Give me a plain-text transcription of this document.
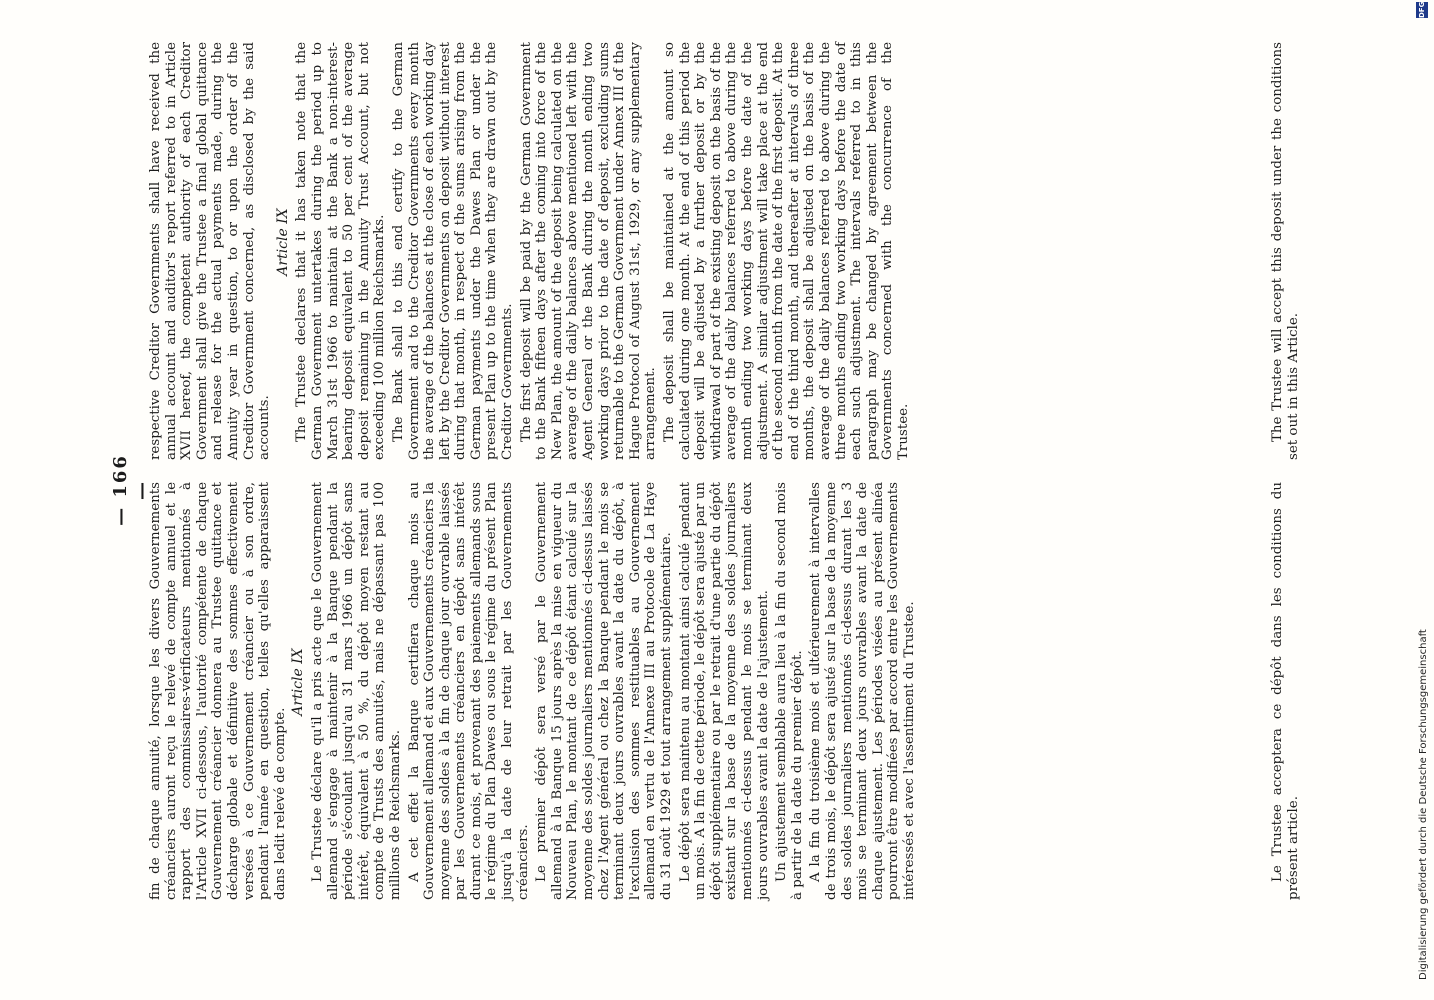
— 166 —

fin de chaque annuité, lorsque les divers Gouvernements créanciers auront reçu le relevé de compte annuel et le rapport des commissaires-vérificateurs mentionnés à l'Article XVII ci-dessous, l'autorité compétente de chaque Gouvernement créancier donnera au Trustee quittance et décharge globale et définitive des sommes effectivement versées à ce Gouvernement créancier ou à son ordre, pendant l'année en question, telles qu'elles apparaissent dans ledit relevé de compte.

Article IX Le Trustee déclare qu'il a pris acte que le Gouvernement allemand s'engage à maintenir à la Banque pendant la période s'écoulant jusqu'au 31 mars 1966 un dépôt sans intérêt, équivalent à 50 %, du dépôt moyen restant au compte de Trusts des annuités, mais ne dépassant pas 100 millions de Reichsmarks. A cet effet la Banque certifiera chaque mois au Gouvernement allemand et aux Gouvernements créanciers la moyenne des soldes à la fin de chaque jour ouvrable laissés par les Gouvernements créanciers en dépôt sans intérêt durant ce mois, et provenant des paiements allemands sous le régime du Plan Dawes ou sous le régime du présent Plan jusqu'à la date de leur retrait par les Gouvernements créanciers. Le premier dépôt sera versé par le Gouvernement allemand à la Banque 15 jours après la mise en vigueur du Nouveau Plan, le montant de ce dépôt étant calculé sur la moyenne des soldes journaliers mentionnés ci-dessus laissés chez l'Agent général ou chez la Banque pendant le mois se terminant deux jours ouvrables avant la date du dépôt, à l'exclusion des sommes restituables au Gouvernement allemand en vertu de l'Annexe III au Protocole de La Haye du 31 août 1929 et tout arrangement supplémentaire. Le dépôt sera maintenu au montant ainsi calculé pendant un mois. A la fin de cette période, le dépôt sera ajusté par un dépôt supplémentaire ou par le retrait d'une partie du dépôt existant sur la base de la moyenne des soldes journaliers mentionnés ci-dessus pendant le mois se terminant deux jours ouvrables avant la date de l'ajustement. Un ajustement semblable aura lieu à la fin du second mois à partir de la date du premier dépôt. A la fin du troisième mois et ultérieurement à intervalles de trois mois, le dépôt sera ajusté sur la base de la moyenne des soldes journaliers mentionnés ci-dessus durant les 3 mois se terminant deux jours ouvrables avant la date de chaque ajustement. Les périodes visées au présent alinéa pourront être modifiées par accord entre les Gouvernements intéressés et avec l'assentiment du Trustee.

respective Creditor Governments shall have received the annual account and auditor's report referred to in Article XVII hereof, the competent authority of each Creditor Government shall give the Trustee a final global quittance and release for the actual payments made, during the Annuity year in question, to or upon the order of the Creditor Government concerned, as disclosed by the said accounts.

Article IX The Trustee declares that it has taken note that the German Government untertakes during the period up to March 31st 1966 to maintain at the Bank a non-interest-bearing deposit equivalent to 50 per cent of the average deposit remaining in the Annuity Trust Account, but not exceeding 100 million Reichsmarks. The Bank shall to this end certify to the German Government and to the Creditor Governments every month the average of the balances at the close of each working day left by the Creditor Governments on deposit without interest during that month, in respect of the sums arising from the German payments under the Dawes Plan or under the present Plan up to the time when they are drawn out by the Creditor Governments. The first deposit will be paid by the German Government to the Bank fifteen days after the coming into force of the New Plan, the amount of the deposit being calculated on the average of the daily balances above mentioned left with the Agent General or the Bank during the month ending two working days prior to the date of deposit, excluding sums returnable to the German Government under Annex III of the Hague Protocol of August 31st, 1929, or any supplementary arrangement. The deposit shall be maintained at the amount so calculated during one month. At the end of this period the deposit will be adjusted by a further deposit or by the withdrawal of part of the existing deposit on the basis of the average of the daily balances referred to above during the month ending two working days before the date of the adjustment. A similar adjustment will take place at the end of the second month from the date of the first deposit. At the end of the third month, and thereafter at intervals of three months, the deposit shall be adjusted on the basis of the average of the daily balances referred to above during the three months ending two working days before the date of each such adjustment. The intervals referred to in this paragraph may be changed by agreement between the Governments concerned with the concurrence of the Trustee.

Le Trustee acceptera ce dépôt dans les conditions du présent article.

The Trustee will accept this deposit under the conditions set out in this Article.

Digitalisierung gefördert durch die Deutsche Forschungsgemeinschaft
DFG
